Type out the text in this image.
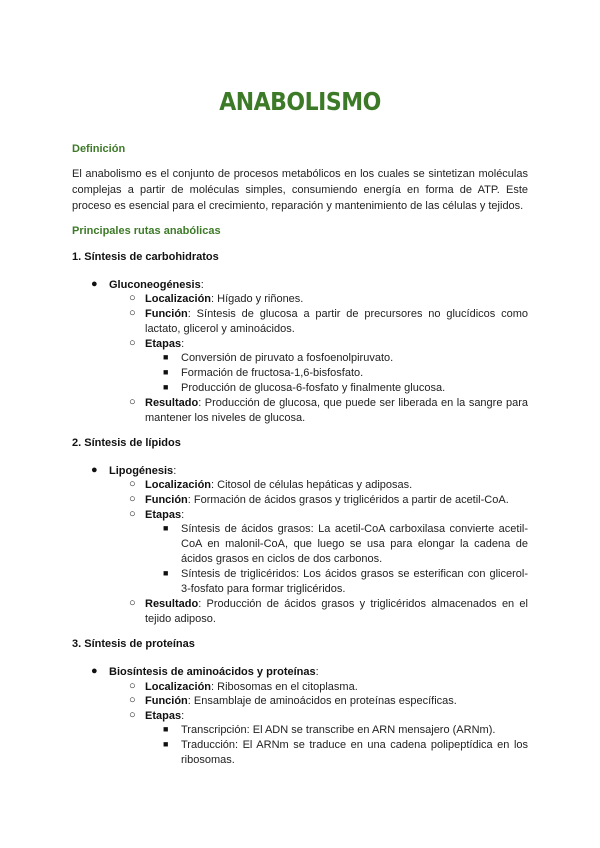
ANABOLISMO
Definición
El anabolismo es el conjunto de procesos metabólicos en los cuales se sintetizan moléculas complejas a partir de moléculas simples, consumiendo energía en forma de ATP. Este proceso es esencial para el crecimiento, reparación y mantenimiento de las células y tejidos.
Principales rutas anabólicas
1. Síntesis de carbohidratos
● Gluconeogénesis:
○ Localización: Hígado y riñones.
○ Función: Síntesis de glucosa a partir de precursores no glucídicos como lactato, glicerol y aminoácidos.
○ Etapas:
■ Conversión de piruvato a fosfoenolpiruvato.
■ Formación de fructosa-1,6-bisfosfato.
■ Producción de glucosa-6-fosfato y finalmente glucosa.
○ Resultado: Producción de glucosa, que puede ser liberada en la sangre para mantener los niveles de glucosa.
2. Síntesis de lípidos
● Lipogénesis:
○ Localización: Citosol de células hepáticas y adiposas.
○ Función: Formación de ácidos grasos y triglicéridos a partir de acetil-CoA.
○ Etapas:
■ Síntesis de ácidos grasos: La acetil-CoA carboxilasa convierte acetil-CoA en malonil-CoA, que luego se usa para elongar la cadena de ácidos grasos en ciclos de dos carbonos.
■ Síntesis de triglicéridos: Los ácidos grasos se esterifican con glicerol-3-fosfato para formar triglicéridos.
○ Resultado: Producción de ácidos grasos y triglicéridos almacenados en el tejido adiposo.
3. Síntesis de proteínas
● Biosíntesis de aminoácidos y proteínas:
○ Localización: Ribosomas en el citoplasma.
○ Función: Ensamblaje de aminoácidos en proteínas específicas.
○ Etapas:
■ Transcripción: El ADN se transcribe en ARN mensajero (ARNm).
■ Traducción: El ARNm se traduce en una cadena polipeptídica en los ribosomas.
